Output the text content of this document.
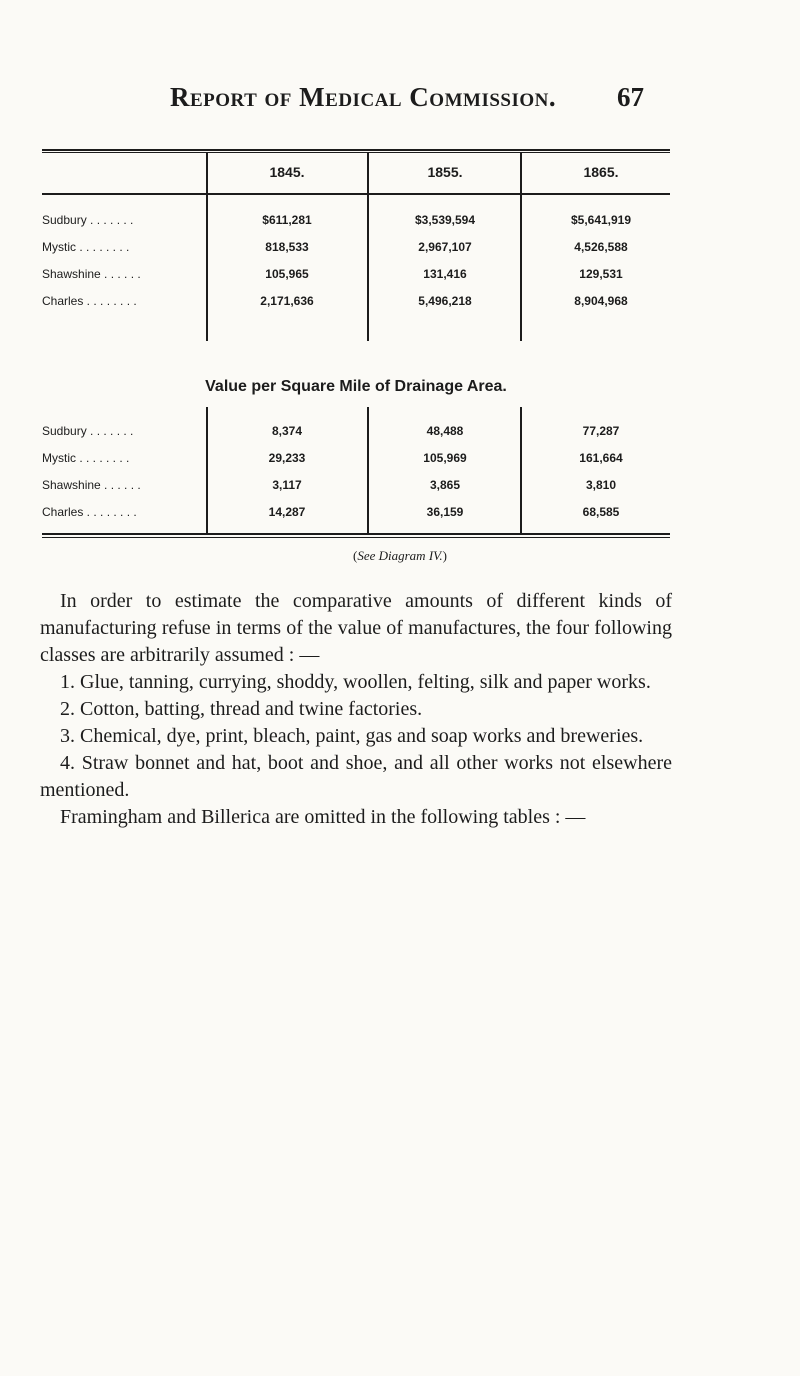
Report of Medical Commission. 67
1845.	1855.	1865.
Sudbury . . . . . . .	$611,281	$3,539,594	$5,641,919
Mystic . . . . . . . .	818,533	2,967,107	4,526,588
Shawshine . . . . . .	105,965	131,416	129,531
Charles . . . . . . . .	2,171,636	5,496,218	8,904,968
Value per Square Mile of Drainage Area.
Sudbury . . . . . . .	8,374	48,488	77,287
Mystic . . . . . . . .	29,233	105,969	161,664
Shawshine . . . . . .	3,117	3,865	3,810
Charles . . . . . . . .	14,287	36,159	68,585
(See Diagram IV.)

In order to estimate the comparative amounts of different kinds of manufacturing refuse in terms of the value of manufactures, the four following classes are arbitrarily assumed : —

1. Glue, tanning, currying, shoddy, woollen, felting, silk and paper works.

2. Cotton, batting, thread and twine factories.

3. Chemical, dye, print, bleach, paint, gas and soap works and breweries.

4. Straw bonnet and hat, boot and shoe, and all other works not elsewhere mentioned.

Framingham and Billerica are omitted in the following tables : —
